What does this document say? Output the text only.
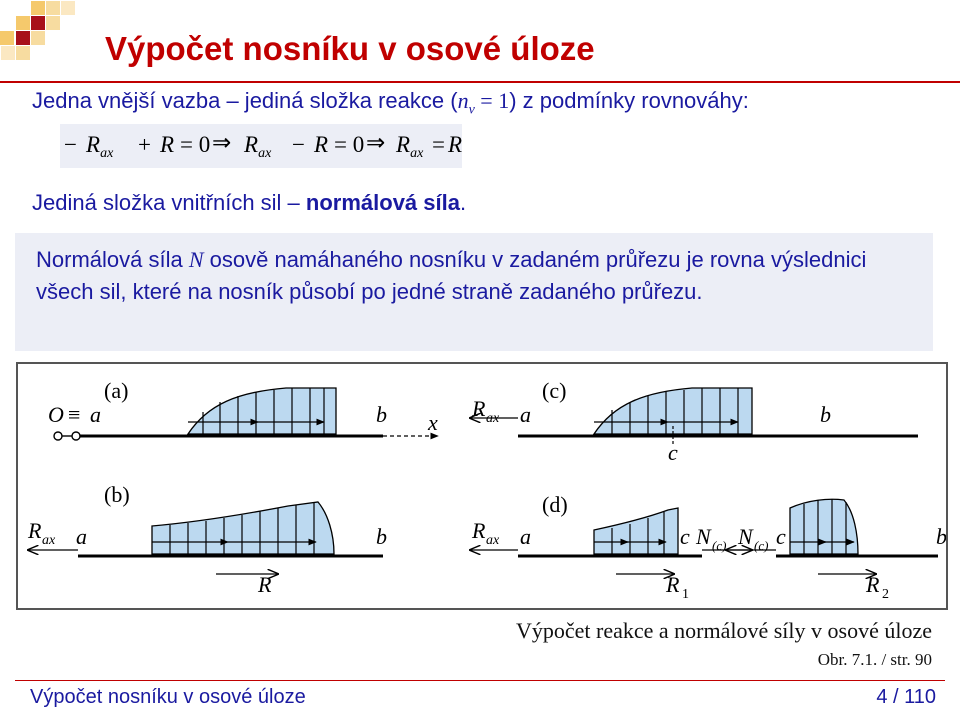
Výpočet nosníku v osové úloze
Jedna vnější vazba – jediná složka reakce $(n_v = 1)$ z podmínky rovnováhy:
− $R_{ax} + R = 0$ ⇒ $R_{ax} - R = 0$ ⇒ $R_{ax} = R$
Jediná složka vnitřních sil – normálová síla.
Normálová síla N osově namáhaného nosníku v zadaném průřezu je rovna výslednici všech sil, které na nosník působí po jedné straně zadaného průřezu.
(a)
O ≡ a	b x
(c)
R ax a	b
c
(b)
R ax a	b
R
(d)
R ax a	c N (c) N (c) c	b
R 1	R 2
Výpočet reakce a normálové síly v osové úloze
Obr. 7.1. / str. 90
Výpočet nosníku v osové úloze	4 / 110
